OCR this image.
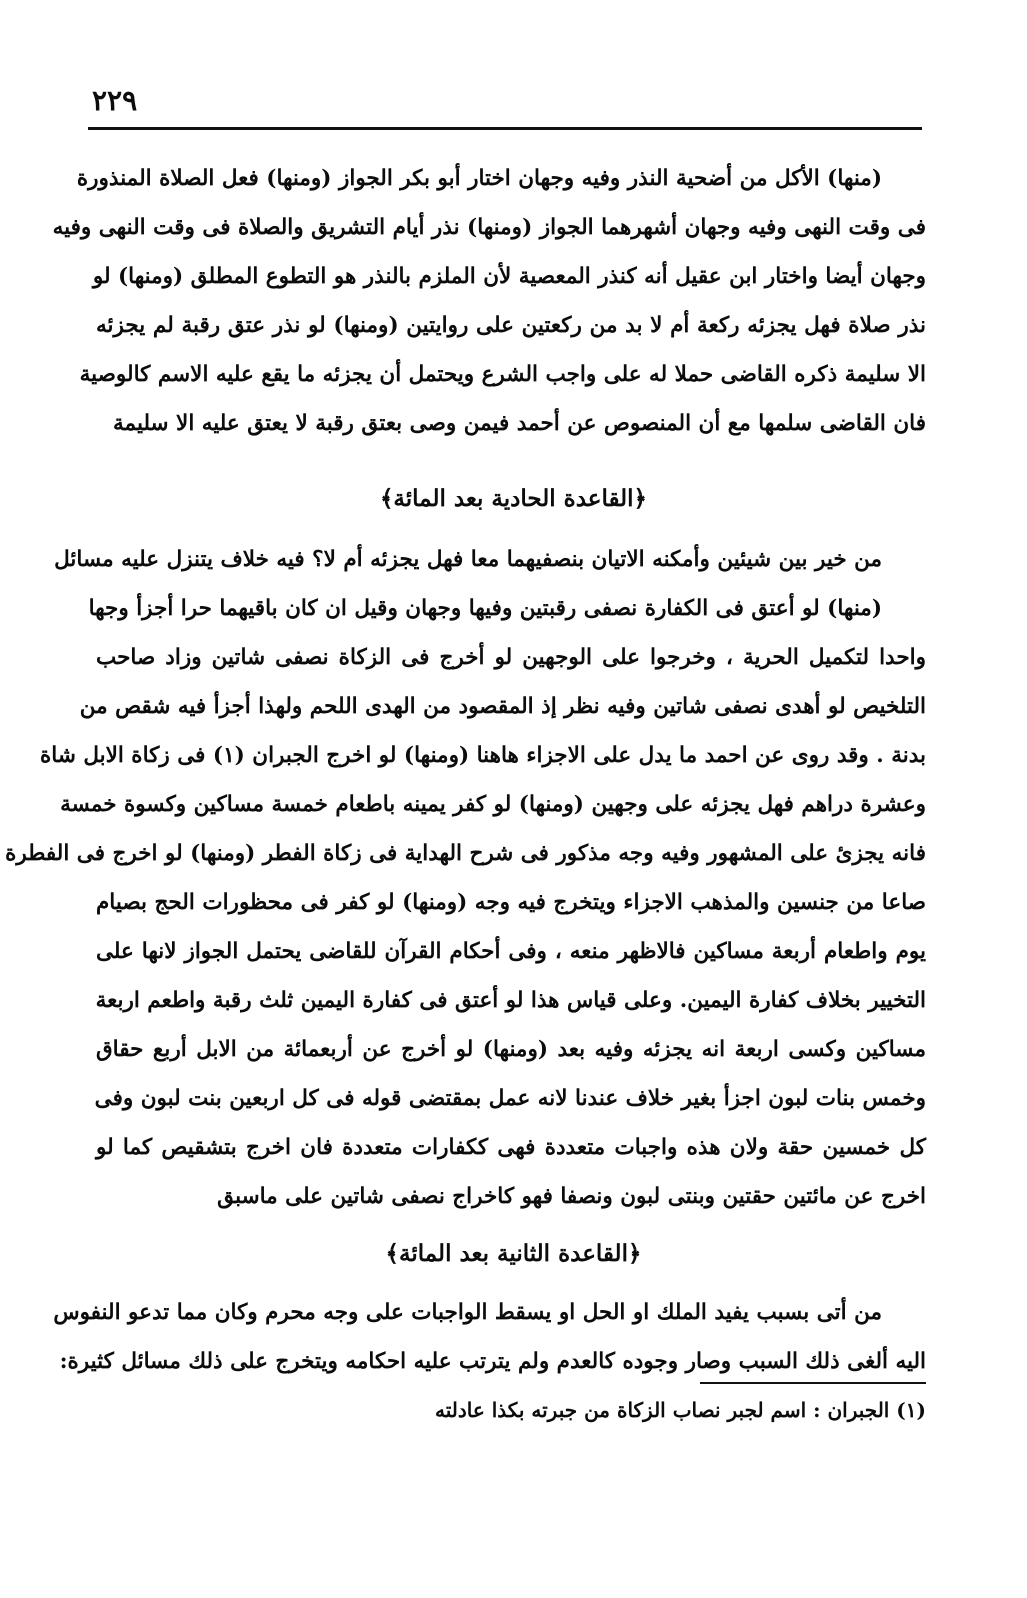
٢٢٩
(منها) الأكل من أضحية النذر وفيه وجهان اختار أبو بكر الجواز (ومنها) فعل الصلاة المنذورة
فى وقت النهى وفيه وجهان أشهرهما الجواز (ومنها) نذر أيام التشريق والصلاة فى وقت النهى وفيه
وجهان أيضا واختار ابن عقيل أنه كنذر المعصية لأن الملزم بالنذر هو التطوع المطلق (ومنها) لو
نذر صلاة فهل يجزئه ركعة أم لا بد من ركعتين على روايتين (ومنها) لو نذر عتق رقبة لم يجزئه
الا سليمة ذكره القاضى حملا له على واجب الشرع ويحتمل أن يجزئه ما يقع عليه الاسم كالوصية
فان القاضى سلمها مع أن المنصوص عن أحمد فيمن وصى بعتق رقبة لا يعتق عليه الا سليمة
﴿القاعدة الحادية بعد المائة﴾
من خير بين شيئين وأمكنه الاتيان بنصفيهما معا فهل يجزئه أم لا؟ فيه خلاف يتنزل عليه مسائل
(منها) لو أعتق فى الكفارة نصفى رقبتين وفيها وجهان وقيل ان كان باقيهما حرا أجزأ وجها
واحدا لتكميل الحرية ، وخرجوا على الوجهين لو أخرج فى الزكاة نصفى شاتين وزاد صاحب
التلخيص لو أهدى نصفى شاتين وفيه نظر إذ المقصود من الهدى اللحم ولهذا أجزأ فيه شقص من
بدنة . وقد روى عن احمد ما يدل على الاجزاء هاهنا (ومنها) لو اخرج الجبران (١) فى زكاة الابل شاة
وعشرة دراهم فهل يجزئه على وجهين (ومنها) لو كفر يمينه باطعام خمسة مساكين وكسوة خمسة
فانه يجزئ على المشهور وفيه وجه مذكور فى شرح الهداية فى زكاة الفطر (ومنها) لو اخرج فى الفطرة
صاعا من جنسين والمذهب الاجزاء ويتخرج فيه وجه (ومنها) لو كفر فى محظورات الحج بصيام
يوم واطعام أربعة مساكين فالاظهر منعه ، وفى أحكام القرآن للقاضى يحتمل الجواز لانها على
التخيير بخلاف كفارة اليمين. وعلى قياس هذا لو أعتق فى كفارة اليمين ثلث رقبة واطعم اربعة
مساكين وكسى اربعة انه يجزئه وفيه بعد (ومنها) لو أخرج عن أربعمائة من الابل أربع حقاق
وخمس بنات لبون اجزأ بغير خلاف عندنا لانه عمل بمقتضى قوله فى كل اربعين بنت لبون وفى
كل خمسين حقة ولان هذه واجبات متعددة فهى ككفارات متعددة فان اخرج بتشقيص كما لو
اخرج عن مائتين حقتين وبنتى لبون ونصفا فهو كاخراج نصفى شاتين على ماسبق
﴿القاعدة الثانية بعد المائة﴾
من أتى بسبب يفيد الملك او الحل او يسقط الواجبات على وجه محرم وكان مما تدعو النفوس
اليه ألغى ذلك السبب وصار وجوده كالعدم ولم يترتب عليه احكامه ويتخرج على ذلك مسائل كثيرة:
(١) الجبران : اسم لجبر نصاب الزكاة من جبرته بكذا عادلته
